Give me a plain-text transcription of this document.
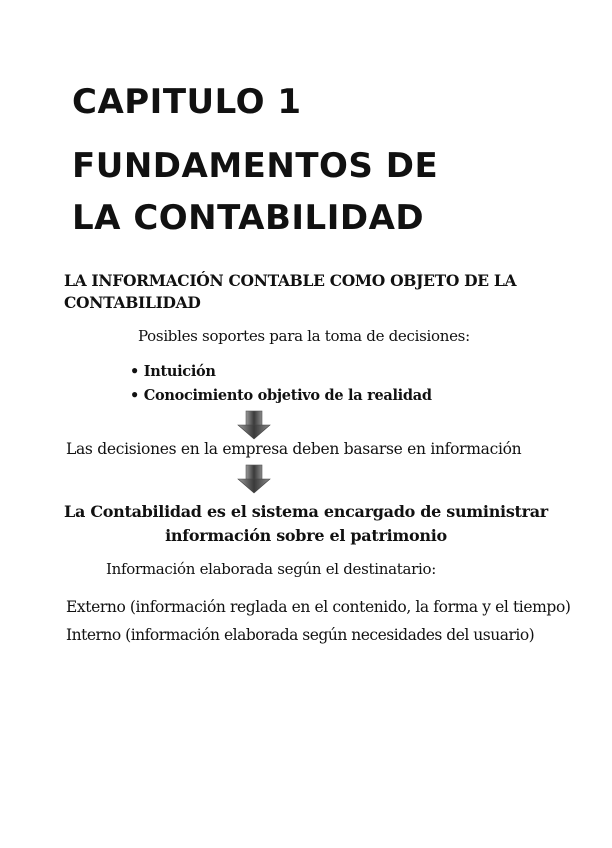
CAPITULO 1
FUNDAMENTOS DE
LA CONTABILIDAD
LA INFORMACIÓN CONTABLE COMO OBJETO DE LA
CONTABILIDAD

Posibles soportes para la toma de decisiones:

• Intuición
• Conocimiento objetivo de la realidad

Las decisiones en la empresa deben basarse en información

La Contabilidad es el sistema encargado de suministrar
información sobre el patrimonio

Información elaborada según el destinatario:

Externo (información reglada en el contenido, la forma y el tiempo)

Interno (información elaborada según necesidades del usuario)
